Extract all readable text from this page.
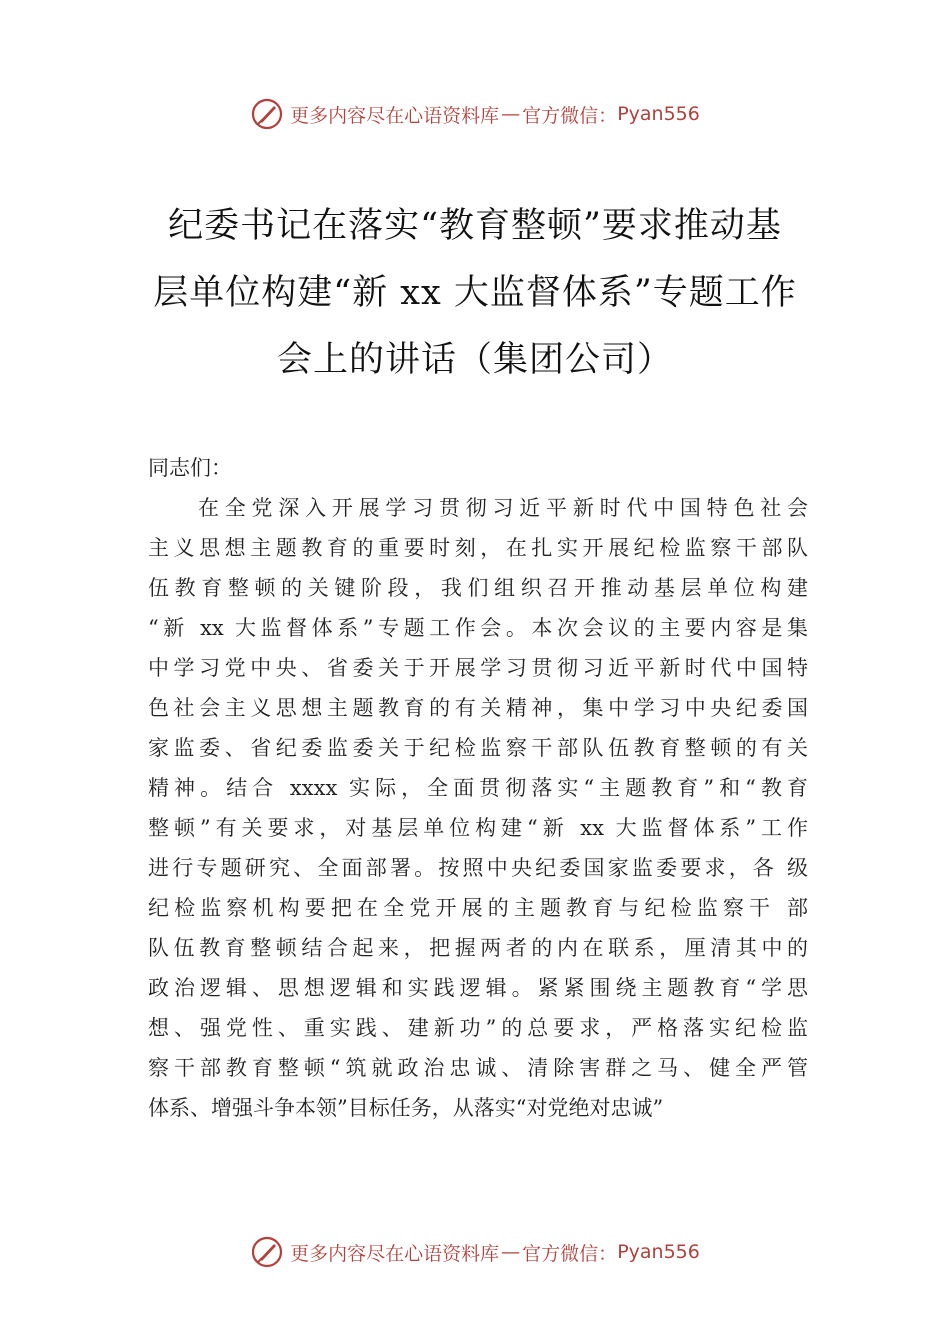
更多内容尽在心语资料库 — 官方微信： Pyan556
纪委书记在落实“教育整顿”要求推动基
层单位构建“新 xx 大监督体系”专题工作
会上的讲话（集团公司）
同志们：
在全党深入开展学习贯彻习近平新时代中国特色社会
主义思想主题教育的重要时刻，在扎实开展纪检监察干部队
伍教育整顿的关键阶段，我们组织召开推动基层单位构建
“新 xx 大监督体系”专题工作会。本次会议的主要内容是集
中学习党中央、省委关于开展学习贯彻习近平新时代中国特
色社会主义思想主题教育的有关精神，集中学习中央纪委国
家监委、省纪委监委关于纪检监察干部队伍教育整顿的有关
精神。结合 xxxx 实际，全面贯彻落实“主题教育”和“教育
整顿”有关要求，对基层单位构建“新 xx 大监督体系”工作
进行专题研究、全面部署。按照中央纪委国家监委要求，各 级
纪检监察机构要把在全党开展的主题教育与纪检监察干 部
队伍教育整顿结合起来，把握两者的内在联系，厘清其中的
政治逻辑、思想逻辑和实践逻辑。紧紧围绕主题教育“学思
想、强党性、重实践、建新功”的总要求，严格落实纪检监
察干部教育整顿“筑就政治忠诚、清除害群之马、健全严管
体系、增强斗争本领”目标任务，从落实“对党绝对忠诚”
更多内容尽在心语资料库 — 官方微信： Pyan556
